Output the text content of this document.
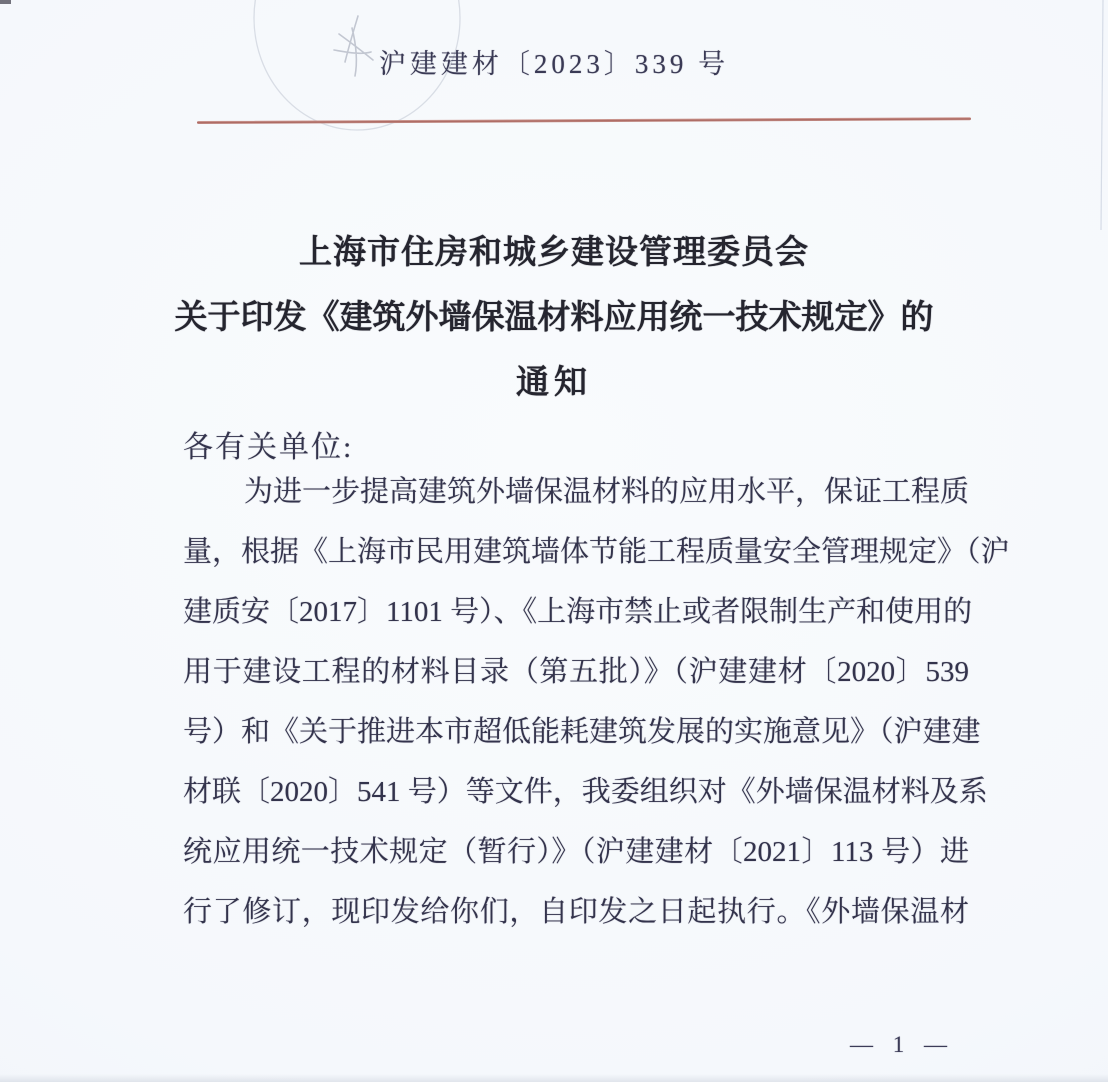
沪建建材〔2023〕339 号
上海市住房和城乡建设管理委员会
关于印发《建筑外墙保温材料应用统一技术规定》的
通知
各有关单位:
为进一步提高建筑外墙保温材料的应用水平，保证工程质
量，根据《上海市民用建筑墙体节能工程质量安全管理规定》（沪
建质安〔2017〕1101 号）、《上海市禁止或者限制生产和使用的
用于建设工程的材料目录（第五批）》（沪建建材〔2020〕539
号）和《关于推进本市超低能耗建筑发展的实施意见》（沪建建
材联〔2020〕541 号）等文件，我委组织对《外墙保温材料及系
统应用统一技术规定（暂行）》（沪建建材〔2021〕113 号）进
行了修订，现印发给你们，自印发之日起执行。《外墙保温材
— 1 —
